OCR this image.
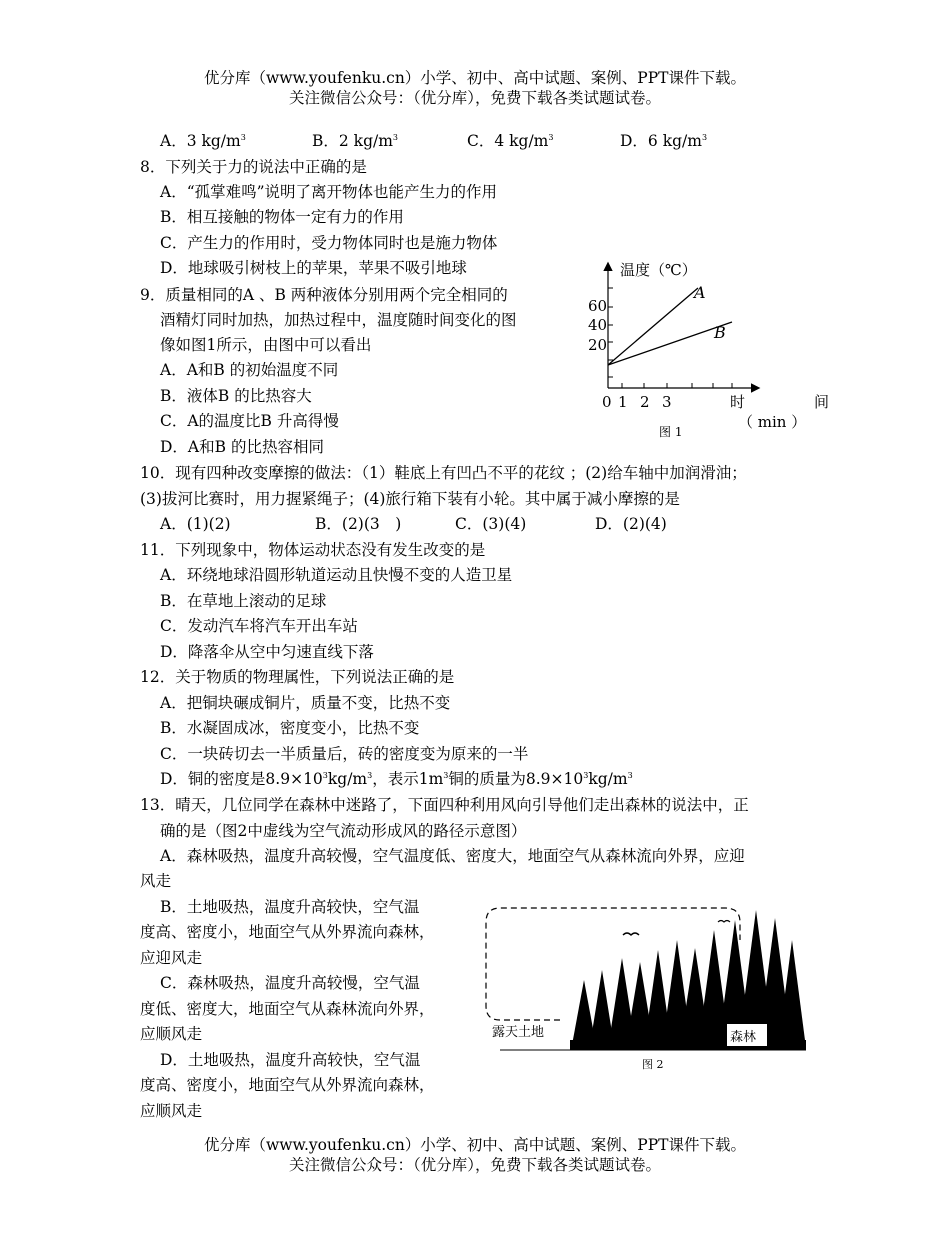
优分库（www.youfenku.cn）小学、初中、高中试题、案例、PPT课件下载。
关注微信公众号：（优分库），免费下载各类试题试卷。
A．3 $kg/m^3$	B．2 $kg/m^3$	C．4 $kg/m^3$	D．6 $kg/m^3$
8．下列关于力的说法中正确的是
A．“孤掌难鸣”说明了离开物体也能产生力的作用
B．相互接触的物体一定有力的作用
C．产生力的作用时，受力物体同时也是施力物体
D．地球吸引树枝上的苹果，苹果不吸引地球
9．质量相同的A 、B 两种液体分别用两个完全相同的
酒精灯同时加热，加热过程中，温度随时间变化的图
像如图1所示，由图中可以看出
A．A和B 的初始温度不同
B．液体B 的比热容大
C．A的温度比B 升高得慢
D．A和B 的比热容相同
温度（℃）
60
40
20
0 1 2 3	时	间
（ min ）
A
B
图 1
10．现有四种改变摩擦的做法：（1）鞋底上有凹凸不平的花纹 ；(2)给车轴中加润滑油；
(3)拔河比赛时，用力握紧绳子；(4)旅行箱下装有小轮。其中属于减小摩擦的是
A．(1)(2)	B．(2)(3　)	C．(3)(4)	D．(2)(4)
11．下列现象中，物体运动状态没有发生改变的是
A．环绕地球沿圆形轨道运动且快慢不变的人造卫星
B．在草地上滚动的足球
C．发动汽车将汽车开出车站
D．降落伞从空中匀速直线下落
12．关于物质的物理属性，下列说法正确的是
A．把铜块碾成铜片，质量不变，比热不变
B．水凝固成冰，密度变小，比热不变
C．一块砖切去一半质量后，砖的密度变为原来的一半
D．铜的密度是$8.9\times 10^3kg/m^3$，表示$1m^3$铜的质量为$8.9\times 10^3kg/m^3$
13．晴天，几位同学在森林中迷路了，下面四种利用风向引导他们走出森林的说法中，正
确的是（图2中虚线为空气流动形成风的路径示意图）
A．森林吸热，温度升高较慢，空气温度低、密度大，地面空气从森林流向外界，应迎
风走
B．土地吸热，温度升高较快，空气温
度高、密度小，地面空气从外界流向森林，
应迎风走
C．森林吸热，温度升高较慢，空气温
度低、密度大，地面空气从森林流向外界，
应顺风走
D．土地吸热，温度升高较快，空气温
度高、密度小，地面空气从外界流向森林，
应顺风走
露天土地	森林
图 2
优分库（www.youfenku.cn）小学、初中、高中试题、案例、PPT课件下载。
关注微信公众号：（优分库），免费下载各类试题试卷。
